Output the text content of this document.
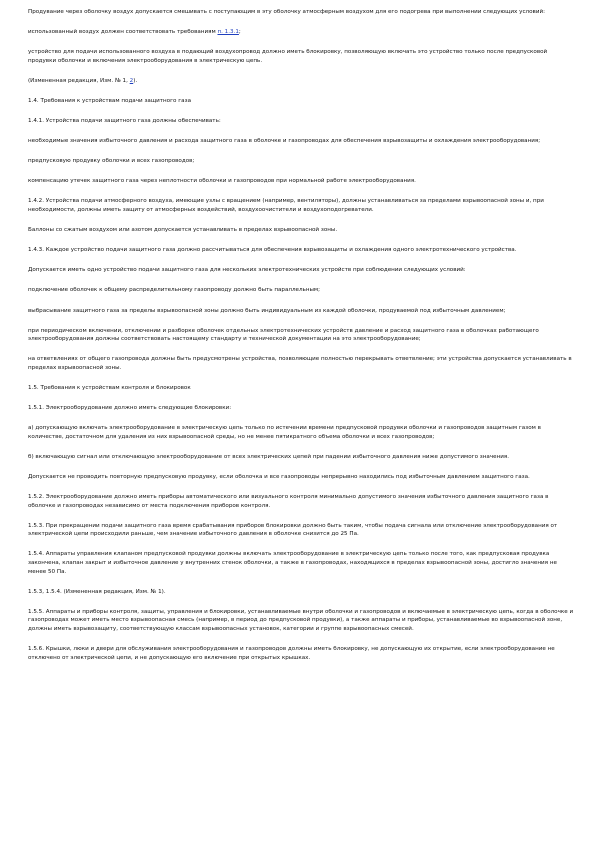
Продувание через оболочку воздух допускается смешивать с поступающим в эту оболочку атмосферным воздухом для его подогрева при выполнении следующих условий:

использованный воздух должен соответствовать требованиям п. 1.3.1;

устройство для подачи использованного воздуха в подающий воздухопровод должно иметь блокировку, позволяющую включать это устройство только после предпусковой продувки оболочки и включения электрооборудования в электрическую цепь.

(Измененная редакция, Изм. № 1, 2).

1.4. Требования к устройствам подачи защитного газа

1.4.1. Устройства подачи защитного газа должны обеспечивать:

необходимые значения избыточного давления и расхода защитного газа в оболочке и газопроводах для обеспечения взрывозащиты и охлаждения электрооборудования;

предпусковую продувку оболочки и всех газопроводов;

компенсацию утечек защитного газа через неплотности оболочки и газопроводов при нормальной работе электрооборудования.

1.4.2. Устройства подачи атмосферного воздуха, имеющие узлы с вращением (например, вентиляторы), должны устанавливаться за пределами взрывоопасной зоны и, при необходимости, должны иметь защиту от атмосферных воздействий, воздухоочистители и воздухоподогреватели.

Баллоны со сжатым воздухом или азотом допускается устанавливать в пределах взрывоопасной зоны.

1.4.3. Каждое устройство подачи защитного газа должно рассчитываться для обеспечения взрывозащиты и охлаждения одного электротехнического устройства.

Допускается иметь одно устройство подачи защитного газа для нескольких электротехнических устройств при соблюдении следующих условий:

подключение оболочек к общему распределительному газопроводу должно быть параллельным;

выбрасывание защитного газа за пределы взрывоопасной зоны должно быть индивидуальным из каждой оболочки, продуваемой под избыточным давлением;

при периодическом включении, отключении и разборке оболочек отдельных электротехнических устройств давление и расход защитного газа в оболочках работающего электрооборудования должны соответствовать настоящему стандарту и технической документации на это электрооборудование;

на ответвлениях от общего газопровода должны быть предусмотрены устройства, позволяющие полностью перекрывать ответвление; эти устройства допускается устанавливать в пределах взрывоопасной зоны.

1.5. Требования к устройствам контроля и блокировок

1.5.1. Электрооборудование должно иметь следующие блокировки:

а) допускающую включать электрооборудование в электрическую цепь только по истечении времени предпусковой продувки оболочки и газопроводов защитным газом в количестве, достаточном для удаления из них взрывоопасной среды, но не менее пятикратного объема оболочки и всех газопроводов;

б) включающую сигнал или отключающую электрооборудование от всех электрических цепей при падении избыточного давления ниже допустимого значения.

Допускается не проводить повторную предпусковую продувку, если оболочка и все газопроводы непрерывно находились под избыточным давлением защитного газа.

1.5.2. Электрооборудование должно иметь приборы автоматического или визуального контроля минимально допустимого значения избыточного давления защитного газа в оболочке и газопроводах независимо от места подключения приборов контроля.

1.5.3. При прекращении подачи защитного газа время срабатывания приборов блокировки должно быть таким, чтобы подача сигнала или отключение электрооборудования от электрической цепи происходили раньше, чем значение избыточного давления в оболочке снизится до 25 Па.

1.5.4. Аппараты управления клапаном предпусковой продувки должны включать электрооборудование в электрическую цепь только после того, как предпусковая продувка закончена, клапан закрыт и избыточное давление у внутренних стенок оболочки, а также в газопроводах, находящихся в пределах взрывоопасной зоны, достигло значения не менее 50 Па.

1.5.3, 1.5.4. (Измененная редакция, Изм. № 1).

1.5.5. Аппараты и приборы контроля, защиты, управления и блокировки, устанавливаемые внутри оболочки и газопроводов и включаемые в электрическую цепь, когда в оболочке и газопроводах может иметь место взрывоопасная смесь (например, в период до предпусковой продувки), а также аппараты и приборы, устанавливаемые во взрывоопасной зоне, должны иметь взрывозащиту, соответствующую классам взрывоопасных установок, категории и группе взрывоопасных смесей.

1.5.6. Крышки, люки и двери для обслуживания электрооборудования и газопроводов должны иметь блокировку, не допускающую их открытие, если электрооборудование не отключено от электрической цепи, и не допускающую его включение при открытых крышках.
